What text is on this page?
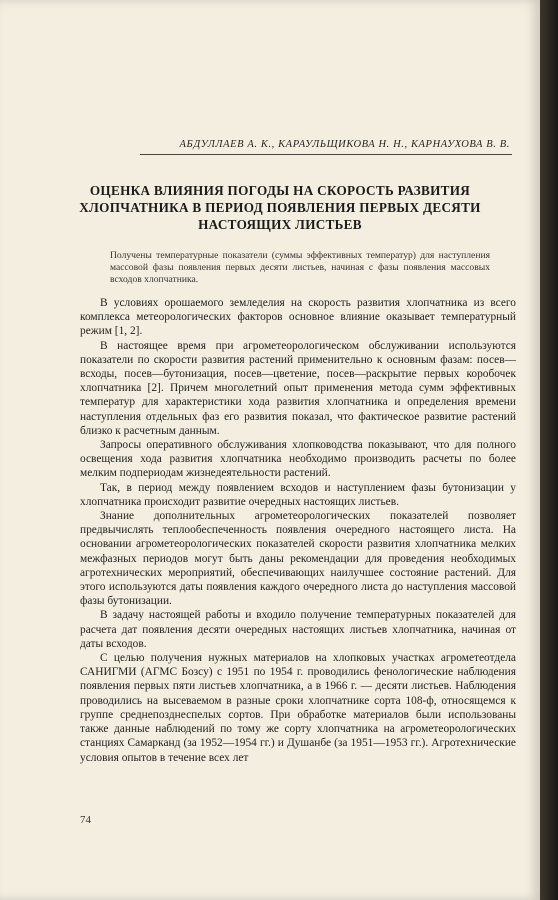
АБДУЛЛАЕВ А. К., КАРАУЛЬЩИКОВА Н. Н., КАРНАУХОВА В. В.
ОЦЕНКА ВЛИЯНИЯ ПОГОДЫ НА СКОРОСТЬ РАЗВИТИЯ ХЛОПЧАТНИКА В ПЕРИОД ПОЯВЛЕНИЯ ПЕРВЫХ ДЕСЯТИ НАСТОЯЩИХ ЛИСТЬЕВ
Получены температурные показатели (суммы эффективных температур) для наступления массовой фазы появления первых десяти листьев, начиная с фазы появления массовых всходов хлопчатника.

В условиях орошаемого земледелия на скорость развития хлопчатника из всего комплекса метеорологических факторов основное влияние оказывает температурный режим [1, 2].

В настоящее время при агрометеорологическом обслуживании используются показатели по скорости развития растений применительно к основным фазам: посев—всходы, посев—бутонизация, посев—цветение, посев—раскрытие первых коробочек хлопчатника [2]. Причем многолетний опыт применения метода сумм эффективных температур для характеристики хода развития хлопчатника и определения времени наступления отдельных фаз его развития показал, что фактическое развитие растений близко к расчетным данным.

Запросы оперативного обслуживания хлопководства показывают, что для полного освещения хода развития хлопчатника необходимо производить расчеты по более мелким подпериодам жизнедеятельности растений.

Так, в период между появлением всходов и наступлением фазы бутонизации у хлопчатника происходит развитие очередных настоящих листьев.

Знание дополнительных агрометеорологических показателей позволяет предвычислять теплообеспеченность появления очередного настоящего листа. На основании агрометеорологических показателей скорости развития хлопчатника мелких межфазных периодов могут быть даны рекомендации для проведения необходимых агротехнических мероприятий, обеспечивающих наилучшее состояние растений. Для этого используются даты появления каждого очередного листа до наступления массовой фазы бутонизации.

В задачу настоящей работы и входило получение температурных показателей для расчета дат появления десяти очередных настоящих листьев хлопчатника, начиная от даты всходов.

С целью получения нужных материалов на хлопковых участках агрометеотдела САНИГМИ (АГМС Бозсу) с 1951 по 1954 г. проводились фенологические наблюдения появления первых пяти листьев хлопчатника, а в 1966 г. — десяти листьев. Наблюдения проводились на высеваемом в разные сроки хлопчатнике сорта 108-ф, относящемся к группе среднепозднеспелых сортов. При обработке материалов были использованы также данные наблюдений по тому же сорту хлопчатника на агрометеорологических станциях Самарканд (за 1952—1954 гг.) и Душанбе (за 1951—1953 гг.). Агротехнические условия опытов в течение всех лет

74
